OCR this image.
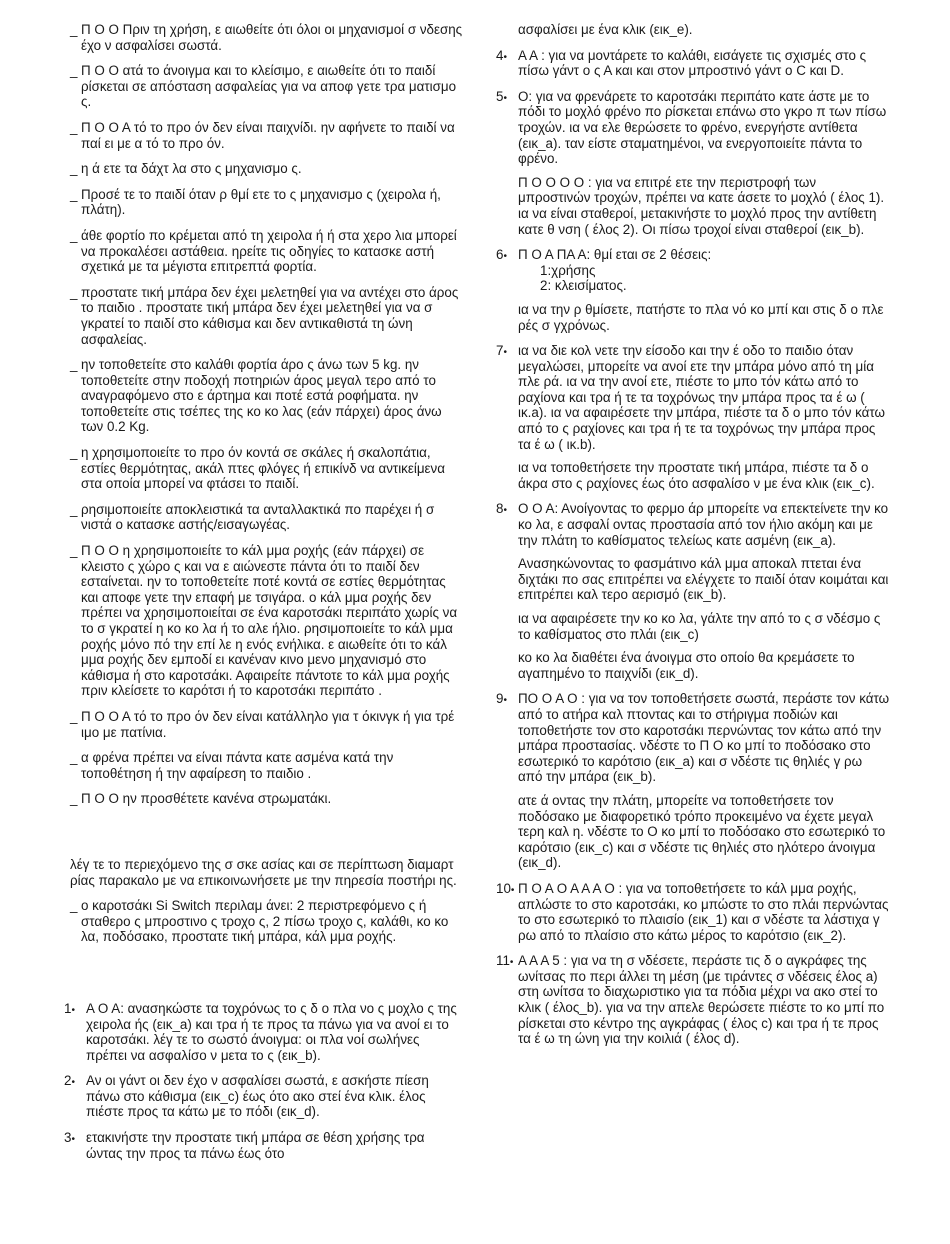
_ Π Ο Ο Πριν τη χρήση, ε αιωθείτε ότι όλοι οι μηχανισμοί σ νδεσης έχο ν ασφαλίσει σωστά.

_ Π Ο Ο ατά το άνοιγμα και το κλείσιμο, ε αιωθείτε ότι το παιδί ρίσκεται σε απόσταση ασφαλείας για να αποφ γετε τρα ματισμο ς.

_ Π Ο Ο Α τό το προ όν δεν είναι παιχνίδι. ην αφήνετε το παιδί να παί ει με α τό το προ όν.

_ η ά ετε τα δάχτ λα στο ς μηχανισμο ς.

_ Προσέ τε το παιδί όταν ρ θμί ετε το ς μηχανισμο ς (χειρολα ή, πλάτη).

_ άθε φορτίο πο κρέμεται από τη χειρολα ή ή στα χερο λια μπορεί να προκαλέσει αστάθεια. ηρείτε τις οδηγίες το κατασκε αστή σχετικά με τα μέγιστα επιτρεπτά φορτία.

_ προστατε τική μπάρα δεν έχει μελετηθεί για να αντέχει στο άρος το παιδιο . προστατε τική μπάρα δεν έχει μελετηθεί για να σ γκρατεί το παιδί στο κάθισμα και δεν αντικαθιστά τη ώνη ασφαλείας.

_ ην τοποθετείτε στο καλάθι φορτία άρο ς άνω των 5 kg. ην τοποθετείτε στην ποδοχή ποτηριών άρος μεγαλ τερο από το αναγραφόμενο στο ε άρτημα και ποτέ εστά ροφήματα. ην τοποθετείτε στις τσέπες της κο κο λας (εάν πάρχει) άρος άνω των 0.2 Kg.

_ η χρησιμοποιείτε το προ όν κοντά σε σκάλες ή σκαλοπάτια, εστίες θερμότητας, ακάλ πτες φλόγες ή επικίνδ να αντικείμενα στα οποία μπορεί να φτάσει το παιδί.

_ ρησιμοποιείτε αποκλειστικά τα ανταλλακτικά πο παρέχει ή σ νιστά ο κατασκε αστής/εισαγωγέας.

_ Π Ο Ο η χρησιμοποιείτε το κάλ μμα ροχής (εάν πάρχει) σε κλειστο ς χώρο ς και να ε αιώνεστε πάντα ότι το παιδί δεν εσταίνεται. ην το τοποθετείτε ποτέ κοντά σε εστίες θερμότητας και αποφε γετε την επαφή με τσιγάρα. ο κάλ μμα ροχής δεν πρέπει να χρησιμοποιείται σε ένα καροτσάκι περιπάτο χωρίς να το σ γκρατεί η κο κο λα ή το αλε ήλιο. ρησιμοποιείτε το κάλ μμα ροχής μόνο πό την επί λε η ενός ενήλικα. ε αιωθείτε ότι το κάλ μμα ροχής δεν εμποδί ει κανέναν κινο μενο μηχανισμό στο κάθισμα ή στο καροτσάκι. Αφαιρείτε πάντοτε το κάλ μμα ροχής πριν κλείσετε το καρότσι ή το καροτσάκι περιπάτο .

_ Π Ο Ο Α τό το προ όν δεν είναι κατάλληλο για τ όκινγκ ή για τρέ ιμο με πατίνια.

_ α φρένα πρέπει να είναι πάντα κατε ασμένα κατά την τοποθέτηση ή την αφαίρεση το παιδιο .

_ Π Ο Ο ην προσθέτετε κανένα στρωματάκι.

λέγ τε το περιεχόμενο της σ σκε ασίας και σε περίπτωση διαμαρτ ρίας παρακαλο με να επικοινωνήσετε με την πηρεσία ποστήρι ης.

_ ο καροτσάκι Si Switch περιλαμ άνει: 2 περιστρεφόμενο ς ή σταθερο ς μπροστινο ς τροχο ς, 2 πίσω τροχο ς, καλάθι, κο κο λα, ποδόσακο, προστατε τική μπάρα, κάλ μμα ροχής.

1• Α Ο Α: ανασηκώστε τα τοχρόνως το ς δ ο πλα νο ς μοχλο ς της χειρολα ής (εικ_a) και τρα ή τε προς τα πάνω για να ανοί ει το καροτσάκι. λέγ τε το σωστό άνοιγμα: οι πλα νοί σωλήνες πρέπει να ασφαλίσο ν μετα το ς (εικ_b).

2• Αν οι γάντ οι δεν έχο ν ασφαλίσει σωστά, ε ασκήστε πίεση πάνω στο κάθισμα (εικ_c) έως ότο ακο στεί ένα κλικ. έλος πιέστε προς τα κάτω με το πόδι (εικ_d).

3• ετακινήστε την προστατε τική μπάρα σε θέση χρήσης τρα ώντας την προς τα πάνω έως ότο

ασφαλίσει με ένα κλικ (εικ_e).

4• Α Α : για να μοντάρετε το καλάθι, εισάγετε τις σχισμές στο ς πίσω γάντ ο ς Α και και στον μπροστινό γάντ ο C και D.

5• Ο: για να φρενάρετε το καροτσάκι περιπάτο κατε άστε με το πόδι το μοχλό φρένο πο ρίσκεται επάνω στο γκρο π των πίσω τροχών. ια να ελε θερώσετε το φρένο, ενεργήστε αντίθετα (εικ_a). ταν είστε σταματημένοι, να ενεργοποιείτε πάντα το φρένο.

Π Ο Ο Ο Ο : για να επιτρέ ετε την περιστροφή των μπροστινών τροχών, πρέπει να κατε άσετε το μοχλό ( έλος 1). ια να είναι σταθεροί, μετακινήστε το μοχλό προς την αντίθετη κατε θ νση ( έλος 2). Οι πίσω τροχοί είναι σταθεροί (εικ_b).

6• Π Ο Α ΠΑ Α: θμί εται σε 2 θέσεις:

1:χρήσης

2: κλεισίματος.

ια να την ρ θμίσετε, πατήστε το πλα νό κο μπί και στις δ ο πλε ρές σ γχρόνως.

7• ια να διε κολ νετε την είσοδο και την έ οδο το παιδιο όταν μεγαλώσει, μπορείτε να ανοί ετε την μπάρα μόνο από τη μία πλε ρά. ια να την ανοί ετε, πιέστε το μπο τόν κάτω από το ραχίονα και τρα ή τε τα τοχρόνως την μπάρα προς τα έ ω ( ικ.a). ια να αφαιρέσετε την μπάρα, πιέστε τα δ ο μπο τόν κάτω από το ς ραχίονες και τρα ή τε τα τοχρόνως την μπάρα προς τα έ ω ( ικ.b).

ια να τοποθετήσετε την προστατε τική μπάρα, πιέστε τα δ ο άκρα στο ς ραχίονες έως ότο ασφαλίσο ν με ένα κλικ (εικ_c).

8• Ο Ο Α: Ανοίγοντας το φερμο άρ μπορείτε να επεκτείνετε την κο κο λα, ε ασφαλί οντας προστασία από τον ήλιο ακόμη και με την πλάτη το καθίσματος τελείως κατε ασμένη (εικ_a).

Ανασηκώνοντας το φασμάτινο κάλ μμα αποκαλ πτεται ένα διχτάκι πο σας επιτρέπει να ελέγχετε το παιδί όταν κοιμάται και επιτρέπει καλ τερο αερισμό (εικ_b).

ια να αφαιρέσετε την κο κο λα, γάλτε την από το ς σ νδέσμο ς το καθίσματος στο πλάι (εικ_c)

κο κο λα διαθέτει ένα άνοιγμα στο οποίο θα κρεμάσετε το αγαπημένο το παιχνίδι (εικ_d).

9• ΠΟ Ο Α Ο : για να τον τοποθετήσετε σωστά, περάστε τον κάτω από το ατήρα καλ πτοντας και το στήριγμα ποδιών και τοποθετήστε τον στο καροτσάκι περνώντας τον κάτω από την μπάρα προστασίας. νδέστε το Π Ο κο μπί το ποδόσακο στο εσωτερικό το καρότσιο (εικ_a) και σ νδέστε τις θηλιές γ ρω από την μπάρα (εικ_b).

ατε ά οντας την πλάτη, μπορείτε να τοποθετήσετε τον ποδόσακο με διαφορετικό τρόπο προκειμένο να έχετε μεγαλ τερη καλ η. νδέστε το Ο κο μπί το ποδόσακο στο εσωτερικό το καρότσιο (εικ_c) και σ νδέστε τις θηλιές στο ηλότερο άνοιγμα (εικ_d).

10• Π Ο Α Ο Α Α Α Ο : για να τοποθετήσετε το κάλ μμα ροχής, απλώστε το στο καροτσάκι, κο μπώστε το στο πλάι περνώντας το στο εσωτερικό το πλαισίο (εικ_1) και σ νδέστε τα λάστιχα γ ρω από το πλαίσιο στο κάτω μέρος το καρότσιο (εικ_2).

11• Α Α Α 5 : για να τη σ νδέσετε, περάστε τις δ ο αγκράφες της ωνίτσας πο περι άλλει τη μέση (με τιράντες σ νδέσεις έλος a) στη ωνίτσα το διαχωριστικο για τα πόδια μέχρι να ακο στεί το κλικ ( έλος_b). για να την απελε θερώσετε πιέστε το κο μπί πο ρίσκεται στο κέντρο της αγκράφας ( έλος c) και τρα ή τε προς τα έ ω τη ώνη για την κοιλιά ( έλος d).
